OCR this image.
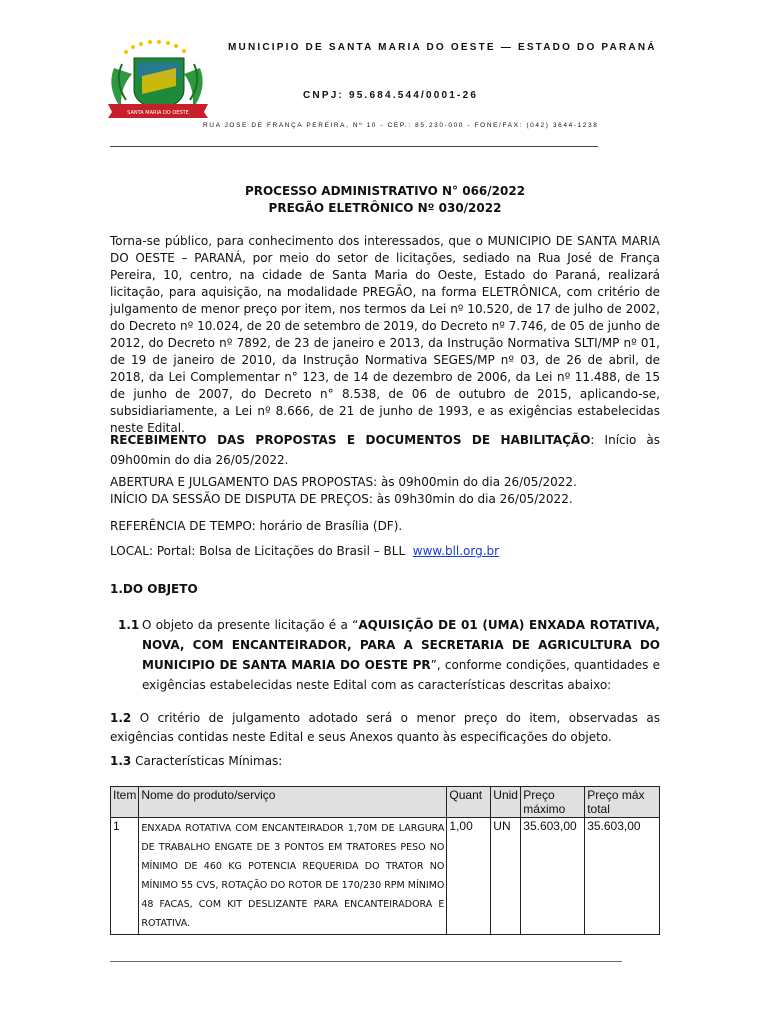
SANTA MARIA DO OESTE
MUNICIPIO DE SANTA MARIA DO OESTE — ESTADO DO PARANÁ
CNPJ: 95.684.544/0001-26
RUA JOSE DE FRANÇA PEREIRA, Nº 10 - CEP.: 85.230-000 - FONE/FAX: (042) 3644-1238
PROCESSO ADMINISTRATIVO N° 066/2022
PREGÃO ELETRÔNICO Nº 030/2022

Torna-se público, para conhecimento dos interessados, que o MUNICIPIO DE SANTA MARIA DO OESTE – PARANÁ, por meio do setor de licitações, sediado na Rua José de França Pereira, 10, centro, na cidade de Santa Maria do Oeste, Estado do Paraná, realizará licitação, para aquisição, na modalidade PREGÃO, na forma ELETRÔNICA, com critério de julgamento de menor preço por item, nos termos da Lei nº 10.520, de 17 de julho de 2002, do Decreto nº 10.024, de 20 de setembro de 2019, do Decreto nº 7.746, de 05 de junho de 2012, do Decreto nº 7892, de 23 de janeiro e 2013, da Instrução Normativa SLTI/MP nº 01, de 19 de janeiro de 2010, da Instrução Normativa SEGES/MP nº 03, de 26 de abril, de 2018, da Lei Complementar n° 123, de 14 de dezembro de 2006, da Lei nº 11.488, de 15 de junho de 2007, do Decreto n° 8.538, de 06 de outubro de 2015, aplicando-se, subsidiariamente, a Lei nº 8.666, de 21 de junho de 1993, e as exigências estabelecidas neste Edital.

RECEBIMENTO DAS PROPOSTAS E DOCUMENTOS DE HABILITAÇÃO: Início às 09h00min do dia 26/05/2022.

ABERTURA E JULGAMENTO DAS PROPOSTAS: às 09h00min do dia 26/05/2022.

INÍCIO DA SESSÃO DE DISPUTA DE PREÇOS: às 09h30min do dia 26/05/2022.

REFERÊNCIA DE TEMPO: horário de Brasília (DF).

LOCAL: Portal: Bolsa de Licitações do Brasil – BLL www.bll.org.br

1.DO OBJETO

1.1 O objeto da presente licitação é a “AQUISIÇÃO DE 01 (UMA) ENXADA ROTATIVA, NOVA, COM ENCANTEIRADOR, PARA A SECRETARIA DE AGRICULTURA DO MUNICIPIO DE SANTA MARIA DO OESTE PR”, conforme condições, quantidades e exigências estabelecidas neste Edital com as características descritas abaixo:

1.2 O critério de julgamento adotado será o menor preço do item, observadas as exigências contidas neste Edital e seus Anexos quanto às especificações do objeto.

1.3 Características Mínimas:

Item	Nome do produto/serviço	Quant	Unid	Preço máximo	Preço máx total
1	ENXADA ROTATIVA COM ENCANTEIRADOR 1,70M DE LARGURA DE TRABALHO ENGATE DE 3 PONTOS EM TRATORES PESO NO MÍNIMO DE 460 KG POTENCIA REQUERIDA DO TRATOR NO MÍNIMO 55 CVS, ROTAÇÃO DO ROTOR DE 170/230 RPM MÍNIMO 48 FACAS, COM KIT DESLIZANTE PARA ENCANTEIRADORA E ROTATIVA.	1,00	UN	35.603,00	35.603,00
